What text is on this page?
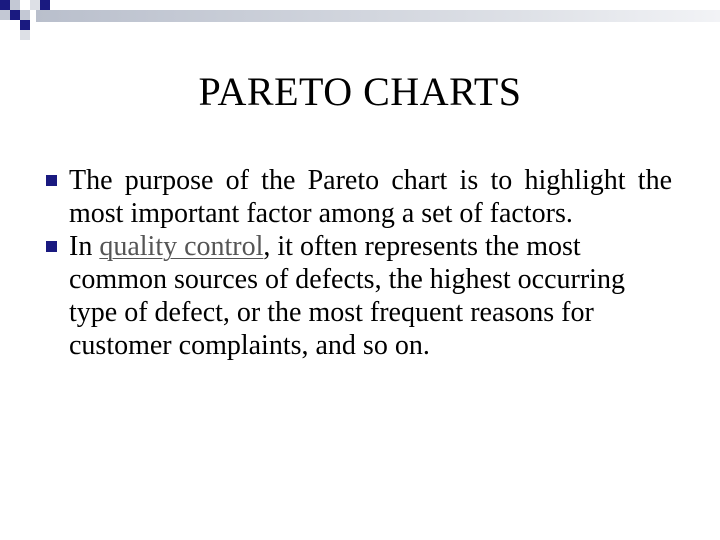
PARETO CHARTS
The purpose of the Pareto chart is to highlight the most important factor among a set of factors.
In quality control, it often represents the most common sources of defects, the highest occurring type of defect, or the most frequent reasons for customer complaints, and so on.
